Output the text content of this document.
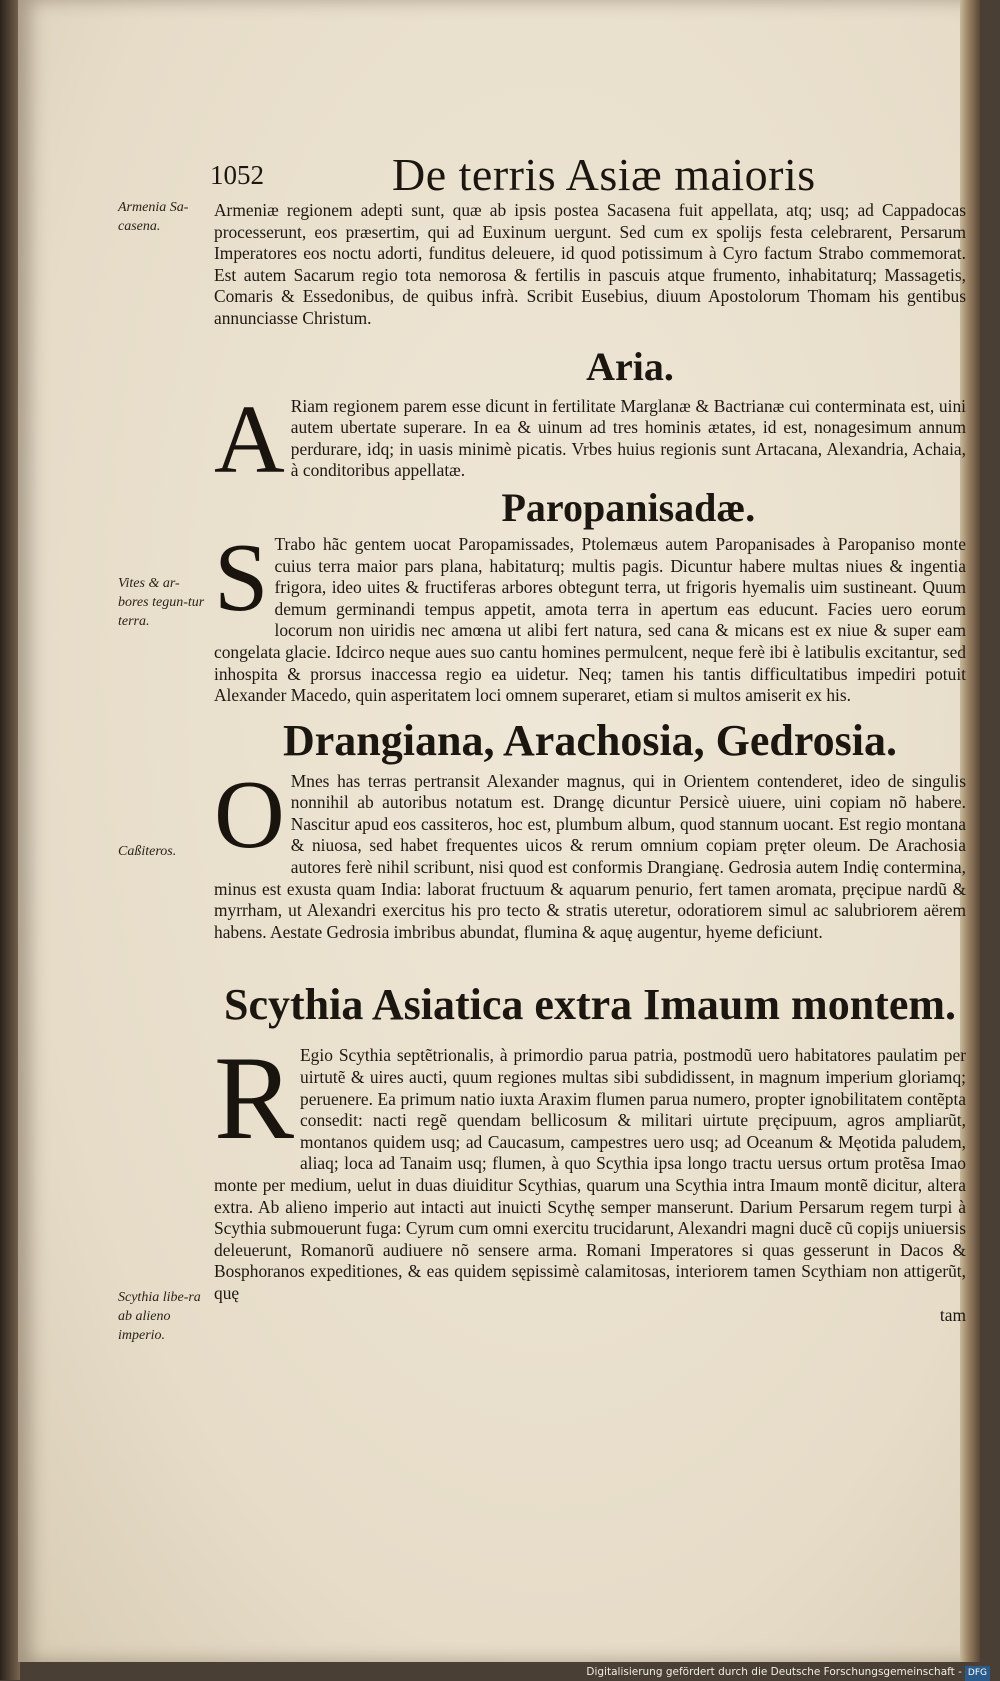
1052	De terris Asiæ maioris
Armenia Sa-casena.
Vites & ar-bores tegun-tur terra.
Caßiteros.
Scythia libe-ra ab alieno imperio.

Armeniæ regionem adepti sunt, quæ ab ipsis postea Sacasena fuit appellata, atq; usq; ad Cappadocas processerunt, eos præsertim, qui ad Euxinum uergunt. Sed cum ex spolijs festa celebrarent, Persarum Imperatores eos noctu adorti, funditus deleuere, id quod potissimum à Cyro factum Strabo commemorat. Est autem Sacarum regio tota nemorosa & fertilis in pascuis atque frumento, inhabitaturq; Massagetis, Comaris & Essedonibus, de quibus infrà. Scribit Eusebius, diuum Apostolorum Thomam his gentibus annunciasse Christum.

Aria.
A Riam regionem parem esse dicunt in fertilitate Marglanæ & Bactrianæ cui conterminata est, uini autem ubertate superare. In ea & uinum ad tres hominis ætates, id est, nonagesimum annum perdurare, idq; in uasis minimè picatis. Vrbes huius regionis sunt Artacana, Alexandria, Achaia, à conditoribus appellatæ.

Paropanisadæ.
S Trabo hãc gentem uocat Paropamissades, Ptolemæus autem Paropanisades à Paropaniso monte cuius terra maior pars plana, habitaturq; multis pagis. Dicuntur habere multas niues & ingentia frigora, ideo uites & fructiferas arbores obtegunt terra, ut frigoris hyemalis uim sustineant. Quum demum germinandi tempus appetit, amota terra in apertum eas educunt. Facies uero eorum locorum non uiridis nec amœna ut alibi fert natura, sed cana & micans est ex niue & super eam congelata glacie. Idcirco neque aues suo cantu homines permulcent, neque ferè ibi è latibulis excitantur, sed inhospita & prorsus inaccessa regio ea uidetur. Neq; tamen his tantis difficultatibus impediri potuit Alexander Macedo, quin asperitatem loci omnem superaret, etiam si multos amiserit ex his.

Drangiana, Arachosia, Gedrosia.
O Mnes has terras pertransit Alexander magnus, qui in Orientem contenderet, ideo de singulis nonnihil ab autoribus notatum est. Drangę dicuntur Persicè uiuere, uini copiam nõ habere. Nascitur apud eos cassiteros, hoc est, plumbum album, quod stannum uocant. Est regio montana & niuosa, sed habet frequentes uicos & rerum omnium copiam pręter oleum. De Arachosia autores ferè nihil scribunt, nisi quod est conformis Drangianę. Gedrosia autem Indię contermina, minus est exusta quam India: laborat fructuum & aquarum penurio, fert tamen aromata, pręcipue nardũ & myrrham, ut Alexandri exercitus his pro tecto & stratis uteretur, odoratiorem simul ac salubriorem aërem habens. Aestate Gedrosia imbribus abundat, flumina & aquę augentur, hyeme deficiunt.

Scythia Asiatica extra Imaum montem.
R Egio Scythia septẽtrionalis, à primordio parua patria, postmodũ uero habitatores paulatim per uirtutẽ & uires aucti, quum regiones multas sibi subdidissent, in magnum imperium gloriamq; peruenere. Ea primum natio iuxta Araxim flumen parua numero, propter ignobilitatem contẽpta consedit: nacti regẽ quendam bellicosum & militari uirtute pręcipuum, agros ampliarũt, montanos quidem usq; ad Caucasum, campestres uero usq; ad Oceanum & Męotida paludem, aliaq; loca ad Tanaim usq; flumen, à quo Scythia ipsa longo tractu uersus ortum protẽsa Imao monte per medium, uelut in duas diuiditur Scythias, quarum una Scythia intra Imaum montẽ dicitur, altera extra. Ab alieno imperio aut intacti aut inuicti Scythę semper manserunt. Darium Persarum regem turpi à Scythia submouerunt fuga: Cyrum cum omni exercitu trucidarunt, Alexandri magni ducẽ cũ copijs uniuersis deleuerunt, Romanorũ audiuere nõ sensere arma. Romani Imperatores si quas gesserunt in Dacos & Bosphoranos expeditiones, & eas quidem sępissimè calamitosas, interiorem tamen Scythiam non attigerũt, quę

tam

Digitalisierung gefördert durch die Deutsche Forschungsgemeinschaft - DFG
